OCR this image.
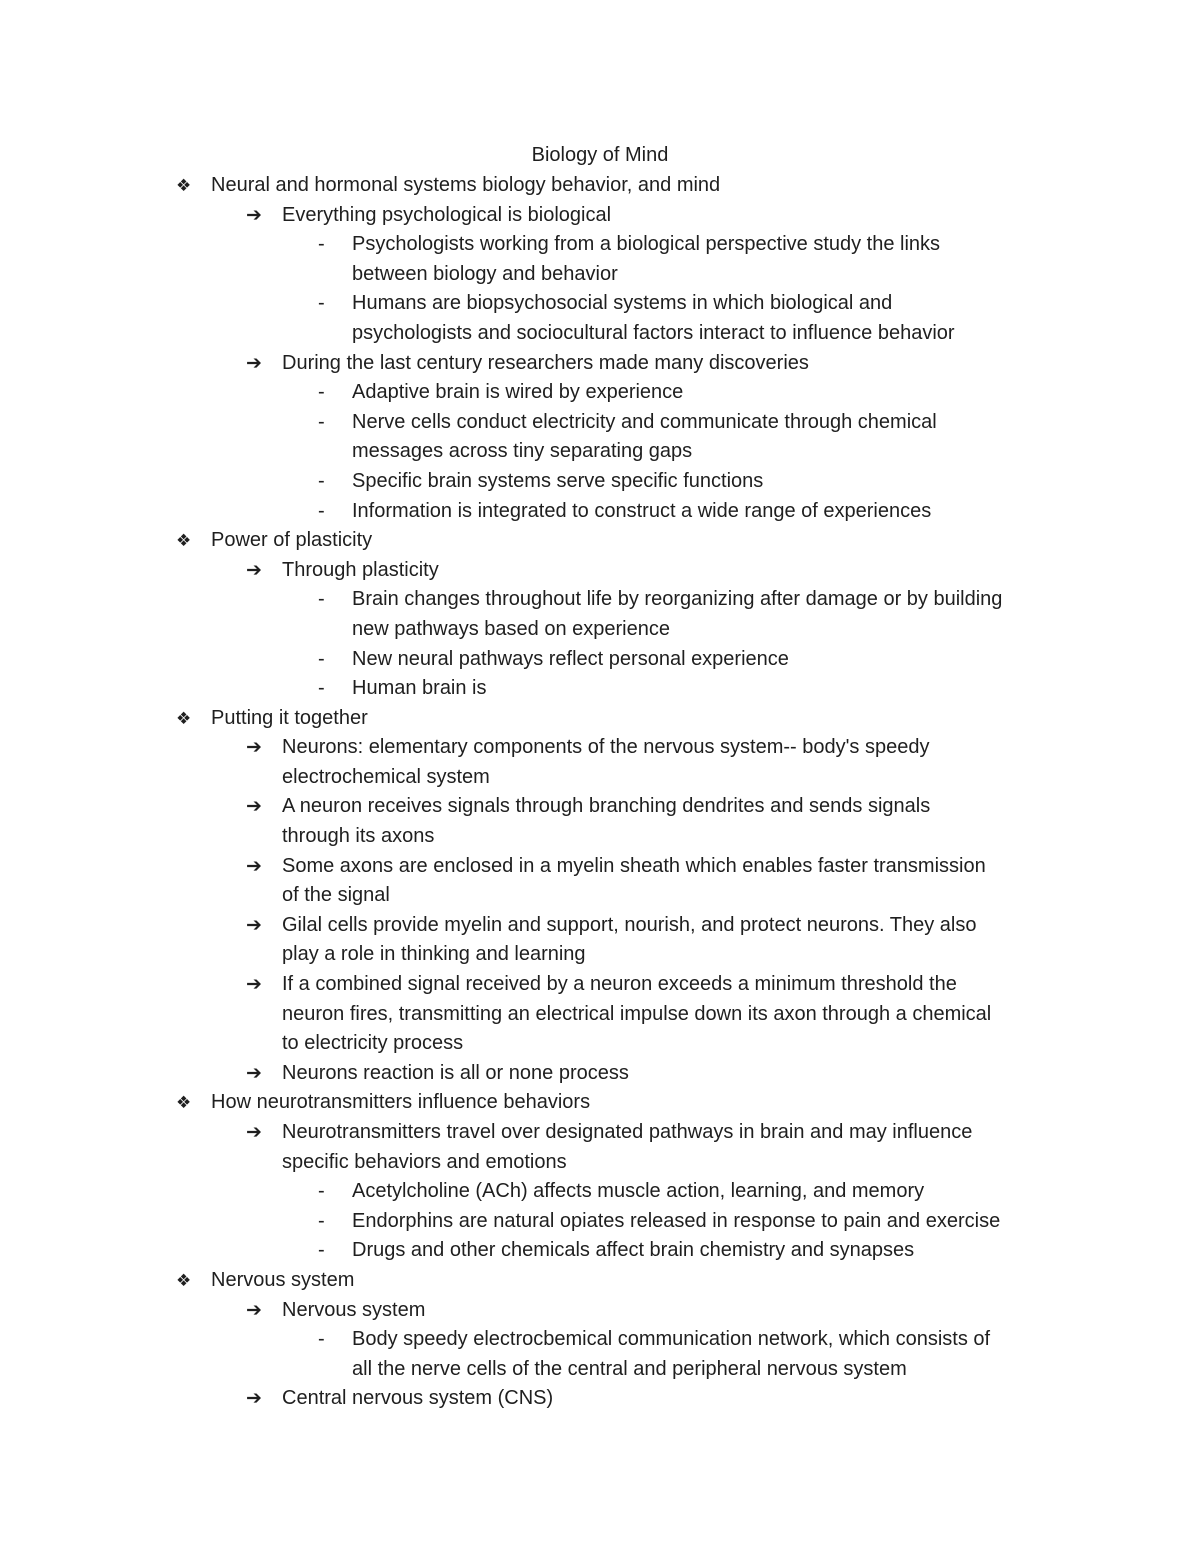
Biology of Mind
❖ Neural and hormonal systems biology behavior, and mind
➔ Everything psychological is biological
- Psychologists working from a biological perspective study the links
between biology and behavior
- Humans are biopsychosocial systems in which biological and
psychologists and sociocultural factors interact to influence behavior
➔ During the last century researchers made many discoveries
- Adaptive brain is wired by experience
- Nerve cells conduct electricity and communicate through chemical
messages across tiny separating gaps
- Specific brain systems serve specific functions
- Information is integrated to construct a wide range of experiences
❖ Power of plasticity
➔ Through plasticity
- Brain changes throughout life by reorganizing after damage or by building
new pathways based on experience
- New neural pathways reflect personal experience
- Human brain is
❖ Putting it together
➔ Neurons: elementary components of the nervous system-- body's speedy
electrochemical system
➔ A neuron receives signals through branching dendrites and sends signals
through its axons
➔ Some axons are enclosed in a myelin sheath which enables faster transmission
of the signal
➔ Gilal cells provide myelin and support, nourish, and protect neurons. They also
play a role in thinking and learning
➔ If a combined signal received by a neuron exceeds a minimum threshold the
neuron fires, transmitting an electrical impulse down its axon through a chemical
to electricity process
➔ Neurons reaction is all or none process
❖ How neurotransmitters influence behaviors
➔ Neurotransmitters travel over designated pathways in brain and may influence
specific behaviors and emotions
- Acetylcholine (ACh) affects muscle action, learning, and memory
- Endorphins are natural opiates released in response to pain and exercise
- Drugs and other chemicals affect brain chemistry and synapses
❖ Nervous system
➔ Nervous system
- Body speedy electrocbemical communication network, which consists of
all the nerve cells of the central and peripheral nervous system
➔ Central nervous system (CNS)
